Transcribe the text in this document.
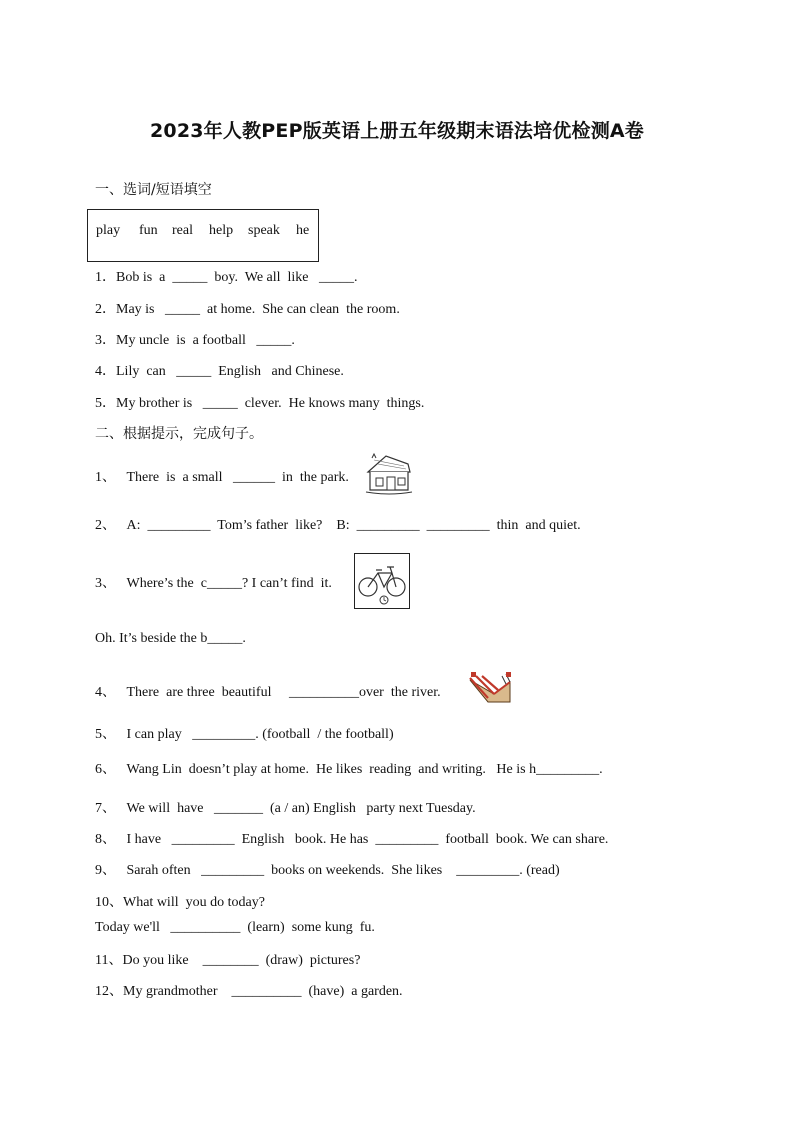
2023年人教PEP版英语上册五年级期末语法培优检测A卷
一、选词/短语填空
play fun real help speak he
1．Bob is  a  _____  boy.  We all  like   _____.
2．May is   _____  at home.  She can clean  the room.
3．My uncle  is  a football   _____.
4．Lily  can   _____  English   and Chinese.
5．My brother is   _____  clever.  He knows many  things.
二、根据提示，完成句子。
1、   There  is  a small   ______  in  the park.
2、   A:  _________  Tom’s father  like?    B:  _________  _________  thin  and quiet.
3、   Where’s the  c_____? I can’t find  it.
Oh. It’s beside the b_____.
4、   There  are three  beautiful     __________over  the river.
5、   I can play   _________. (football  / the football)
6、   Wang Lin  doesn’t play at home.  He likes  reading  and writing.   He is h_________.
7、   We will  have   _______  (a / an) English   party next Tuesday.
8、   I have   _________  English   book. He has  _________  football  book. We can share.
9、   Sarah often   _________  books on weekends.  She likes    _________. (read)
10、What will  you do today?
Today we'll   __________  (learn)  some kung  fu.
11、Do you like    ________  (draw)  pictures?
12、My grandmother    __________  (have)  a garden.
